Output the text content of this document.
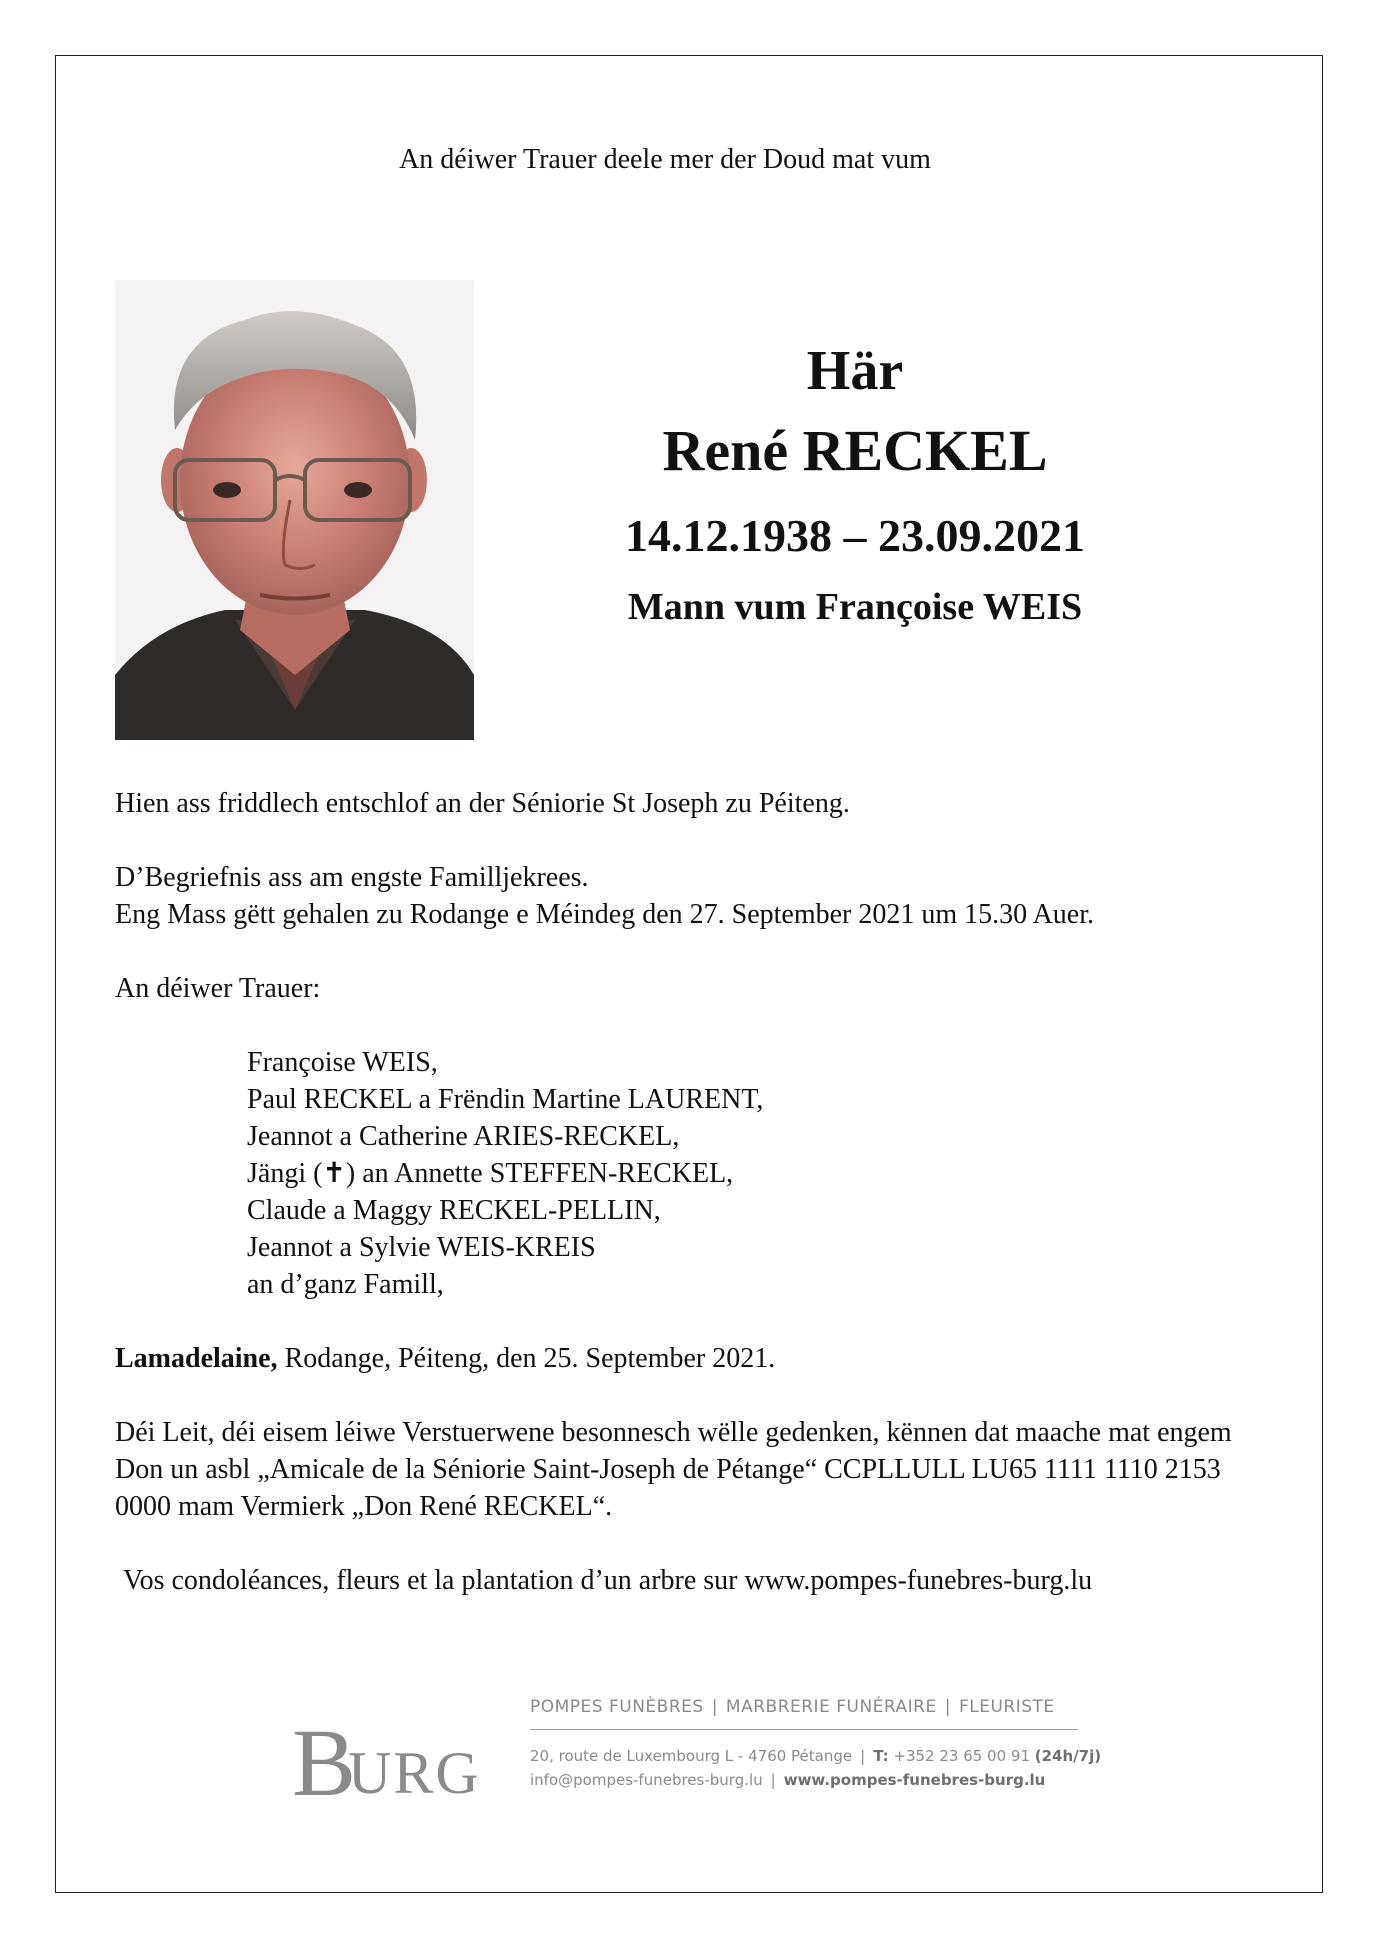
An déiwer Trauer deele mer der Doud mat vum

Här

René RECKEL

14.12.1938 – 23.09.2021

Mann vum Françoise WEIS

Hien ass friddlech entschlof an der Séniorie St Joseph zu Péiteng.

D’Begriefnis ass am engste Familljekrees.

Eng Mass gëtt gehalen zu Rodange e Méindeg den 27. September 2021 um 15.30 Auer.

An déiwer Trauer:

Françoise WEIS,

Paul RECKEL a Frëndin Martine LAURENT,

Jeannot a Catherine ARIES-RECKEL,

Jängi (✝) an Annette STEFFEN-RECKEL,

Claude a Maggy RECKEL-PELLIN,

Jeannot a Sylvie WEIS-KREIS

an d’ganz Famill,

Lamadelaine, Rodange, Péiteng, den 25. September 2021.

Déi Leit, déi eisem léiwe Verstuerwene besonnesch wëlle gedenken, kënnen dat maache mat engem Don un asbl „Amicale de la Séniorie Saint-Joseph de Pétange“ CCPLLULL LU65 1111 1110 2153 0000 mam Vermierk „Don René RECKEL“.

Vos condoléances, fleurs et la plantation d’un arbre sur www.pompes-funebres-burg.lu

B
URG
POMPES FUNÈBRES | MARBRERIE FUNÉRAIRE | FLEURISTE
20, route de Luxembourg L - 4760 Pétange | T: +352 23 65 00 91 (24h/7j)
info@pompes-funebres-burg.lu | www.pompes-funebres-burg.lu
